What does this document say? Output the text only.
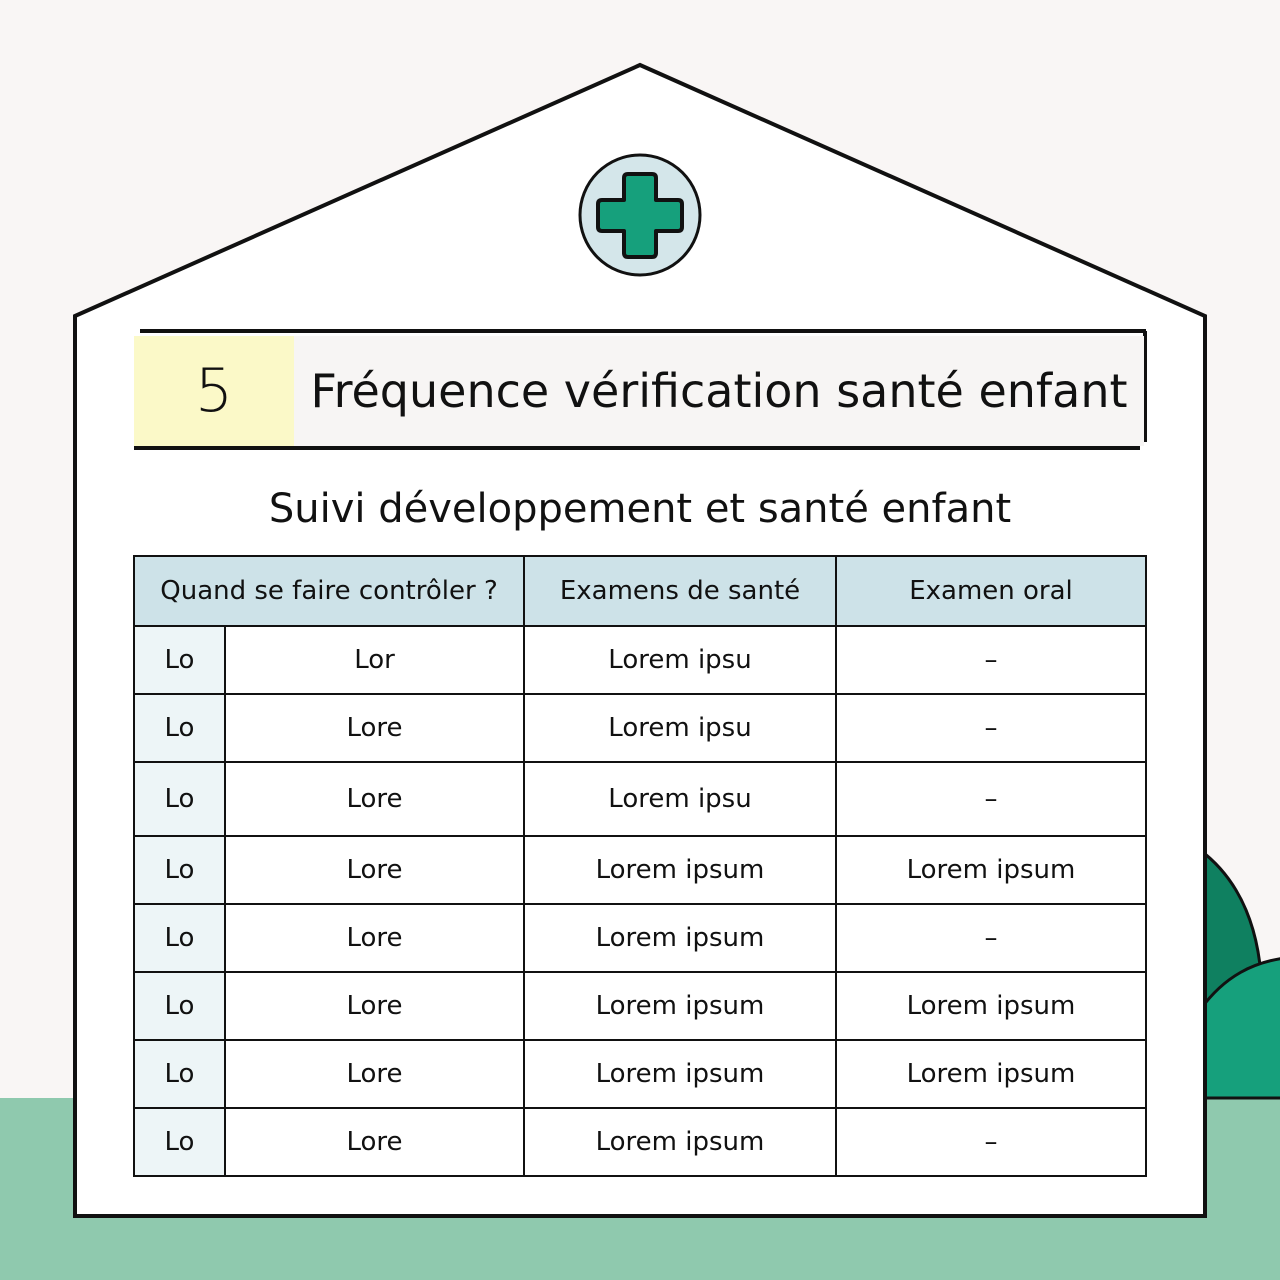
5	Fréquence vérification santé enfant
Suivi développement et santé enfant
Quand se faire contrôler ?		Examens de santé	Examen oral
Lo	Lor	Lorem ipsu	–
Lo	Lore	Lorem ipsu	–
Lo	Lore	Lorem ipsu	–
Lo	Lore	Lorem ipsum	Lorem ipsum
Lo	Lore	Lorem ipsum	–
Lo	Lore	Lorem ipsum	Lorem ipsum
Lo	Lore	Lorem ipsum	Lorem ipsum
Lo	Lore	Lorem ipsum	–
